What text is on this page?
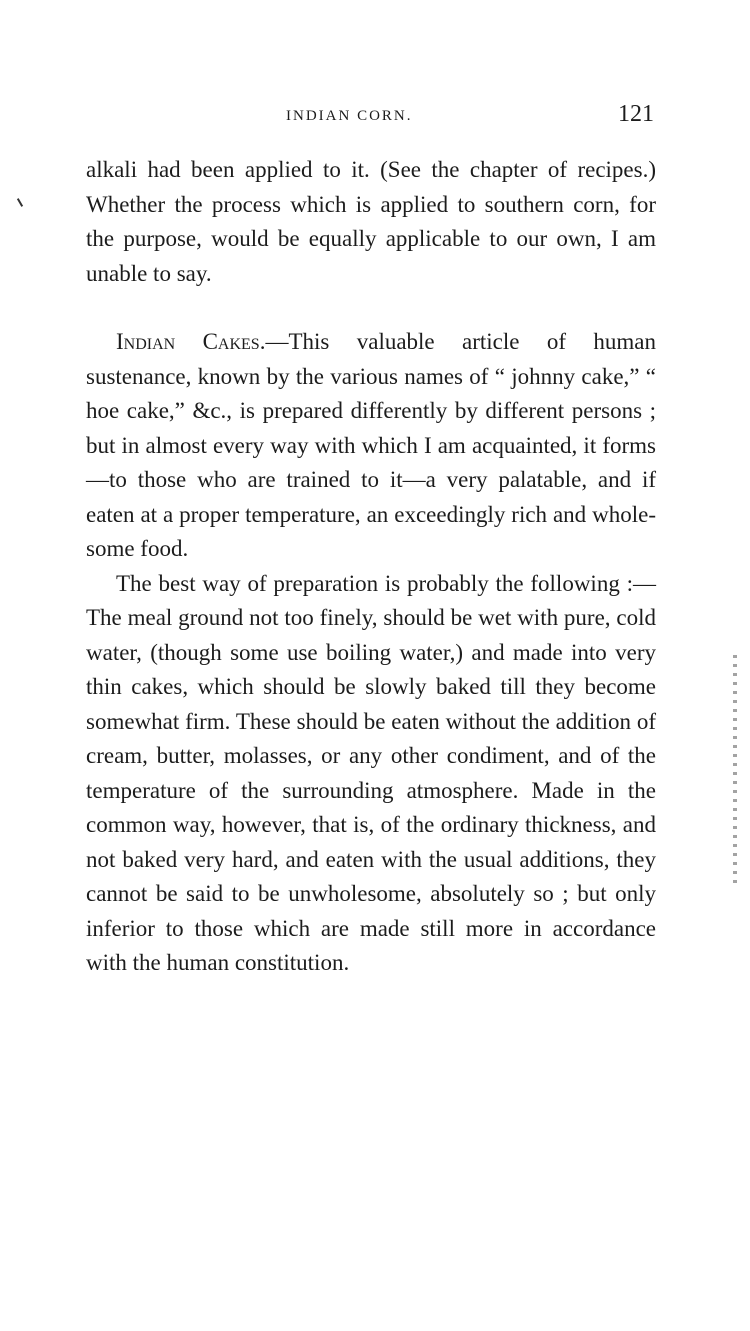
INDIAN CORN.	121

alkali had been applied to it. (See the chapter of recipes.) Whether the process which is applied to southern corn, for the purpose, would be equally applicable to our own, I am unable to say.

Indian Cakes.—This valuable article of human sustenance, known by the various names of “ johnny cake,” “ hoe cake,” &c., is prepared differently by different persons ; but in almost every way with which I am acquainted, it forms—to those who are trained to it—a very palatable, and if eaten at a proper temperature, an exceedingly rich and whole-some food.

The best way of preparation is probably the following :—The meal ground not too finely, should be wet with pure, cold water, (though some use boiling water,) and made into very thin cakes, which should be slowly baked till they become somewhat firm. These should be eaten without the addition of cream, butter, molasses, or any other condiment, and of the temperature of the surrounding atmosphere. Made in the common way, however, that is, of the ordinary thickness, and not baked very hard, and eaten with the usual additions, they cannot be said to be unwholesome, absolutely so ; but only inferior to those which are made still more in accordance with the human constitution.
